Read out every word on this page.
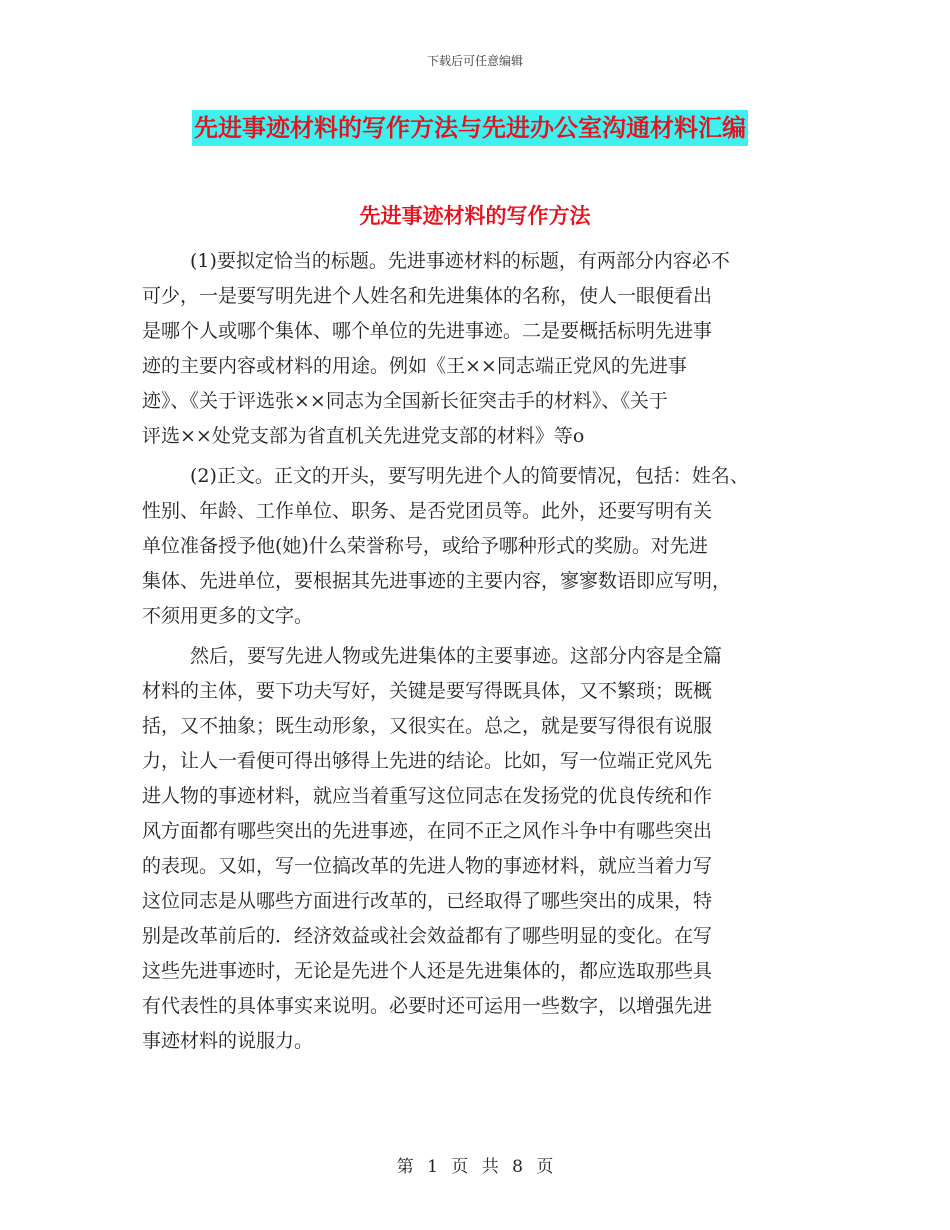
下载后可任意编辑
先进事迹材料的写作方法与先进办公室沟通材料汇编
先进事迹材料的写作方法
(1)要拟定恰当的标题。先进事迹材料的标题，有两部分内容必不
可少，一是要写明先进个人姓名和先进集体的名称，使人一眼便看出
是哪个人或哪个集体、哪个单位的先进事迹。二是要概括标明先进事
迹的主要内容或材料的用途。例如《王××同志端正党风的先进事
迹》、《关于评选张××同志为全国新长征突击手的材料》、《关于
评选××处党支部为省直机关先进党支部的材料》等o
(2)正文。正文的开头，要写明先进个人的简要情况，包括：姓名、
性别、年龄、工作单位、职务、是否党团员等。此外，还要写明有关
单位准备授予他(她)什么荣誉称号，或给予哪种形式的奖励。对先进
集体、先进单位，要根据其先进事迹的主要内容，寥寥数语即应写明，
不须用更多的文字。
然后，要写先进人物或先进集体的主要事迹。这部分内容是全篇
材料的主体，要下功夫写好，关键是要写得既具体，又不繁琐；既概
括，又不抽象；既生动形象，又很实在。总之，就是要写得很有说服
力，让人一看便可得出够得上先进的结论。比如，写一位端正党风先
进人物的事迹材料，就应当着重写这位同志在发扬党的优良传统和作
风方面都有哪些突出的先进事迹，在同不正之风作斗争中有哪些突出
的表现。又如，写一位搞改革的先进人物的事迹材料，就应当着力写
这位同志是从哪些方面进行改革的，已经取得了哪些突出的成果，特
别是改革前后的．经济效益或社会效益都有了哪些明显的变化。在写
这些先进事迹时，无论是先进个人还是先进集体的，都应选取那些具
有代表性的具体事实来说明。必要时还可运用一些数字，以增强先进
事迹材料的说服力。
第 1 页 共 8 页
